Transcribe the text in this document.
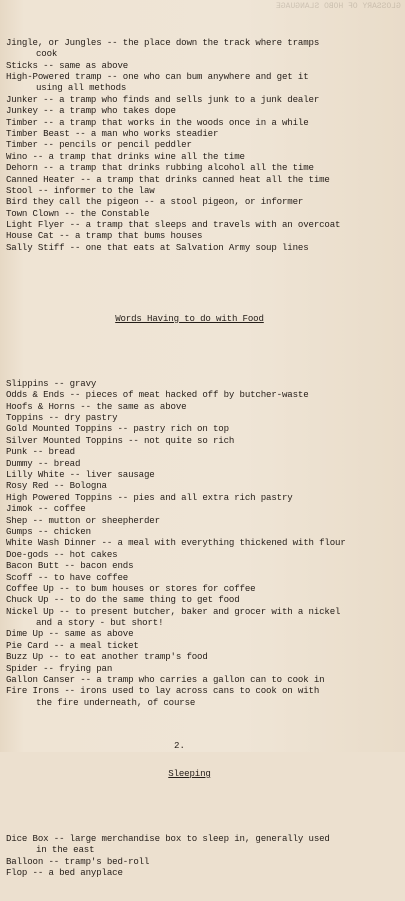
GLOSSARY OF HOBO SLANGUAGE

Jingle, or Jungles -- the place down the track where tramps
cook
Sticks -- same as above
High-Powered tramp -- one who can bum anywhere and get it
using all methods
Junker -- a tramp who finds and sells junk to a junk dealer
Junkey -- a tramp who takes dope
Timber -- a tramp that works in the woods once in a while
Timber Beast -- a man who works steadier
Timber -- pencils or pencil peddler
Wino -- a tramp that drinks wine all the time
Dehorn -- a tramp that drinks rubbing alcohol all the time
Canned Heater -- a tramp that drinks canned heat all the time
Stool -- informer to the law
Bird they call the pigeon -- a stool pigeon, or informer
Town Clown -- the Constable
Light Flyer -- a tramp that sleeps and travels with an overcoat
House Cat -- a tramp that bums houses
Sally Stiff -- one that eats at Salvation Army soup lines

Words Having to do with Food

Slippins -- gravy
Odds & Ends -- pieces of meat hacked off by butcher-waste
Hoofs & Horns -- the same as above
Toppins -- dry pastry
Gold Mounted Toppins -- pastry rich on top
Silver Mounted Toppins -- not quite so rich
Punk -- bread
Dummy -- bread
Lilly White -- liver sausage
Rosy Red -- Bologna
High Powered Toppins -- pies and all extra rich pastry
Jimok -- coffee
Shep -- mutton or sheepherder
Gumps -- chicken
White Wash Dinner -- a meal with everything thickened with flour
Doe-gods -- hot cakes
Bacon Butt -- bacon ends
Scoff -- to have coffee
Coffee Up -- to bum houses or stores for coffee
Chuck Up -- to do the same thing to get food
Nickel Up -- to present butcher, baker and grocer with a nickel
and a story - but short!
Dime Up -- same as above
Pie Card -- a meal ticket
Buzz Up -- to eat another tramp's food
Spider -- frying pan
Gallon Canser -- a tramp who carries a gallon can to cook in
Fire Irons -- irons used to lay across cans to cook on with
the fire underneath, of course

Sleeping

Dice Box -- large merchandise box to sleep in, generally used
in the east
Balloon -- tramp's bed-roll
Flop -- a bed anyplace

2.
